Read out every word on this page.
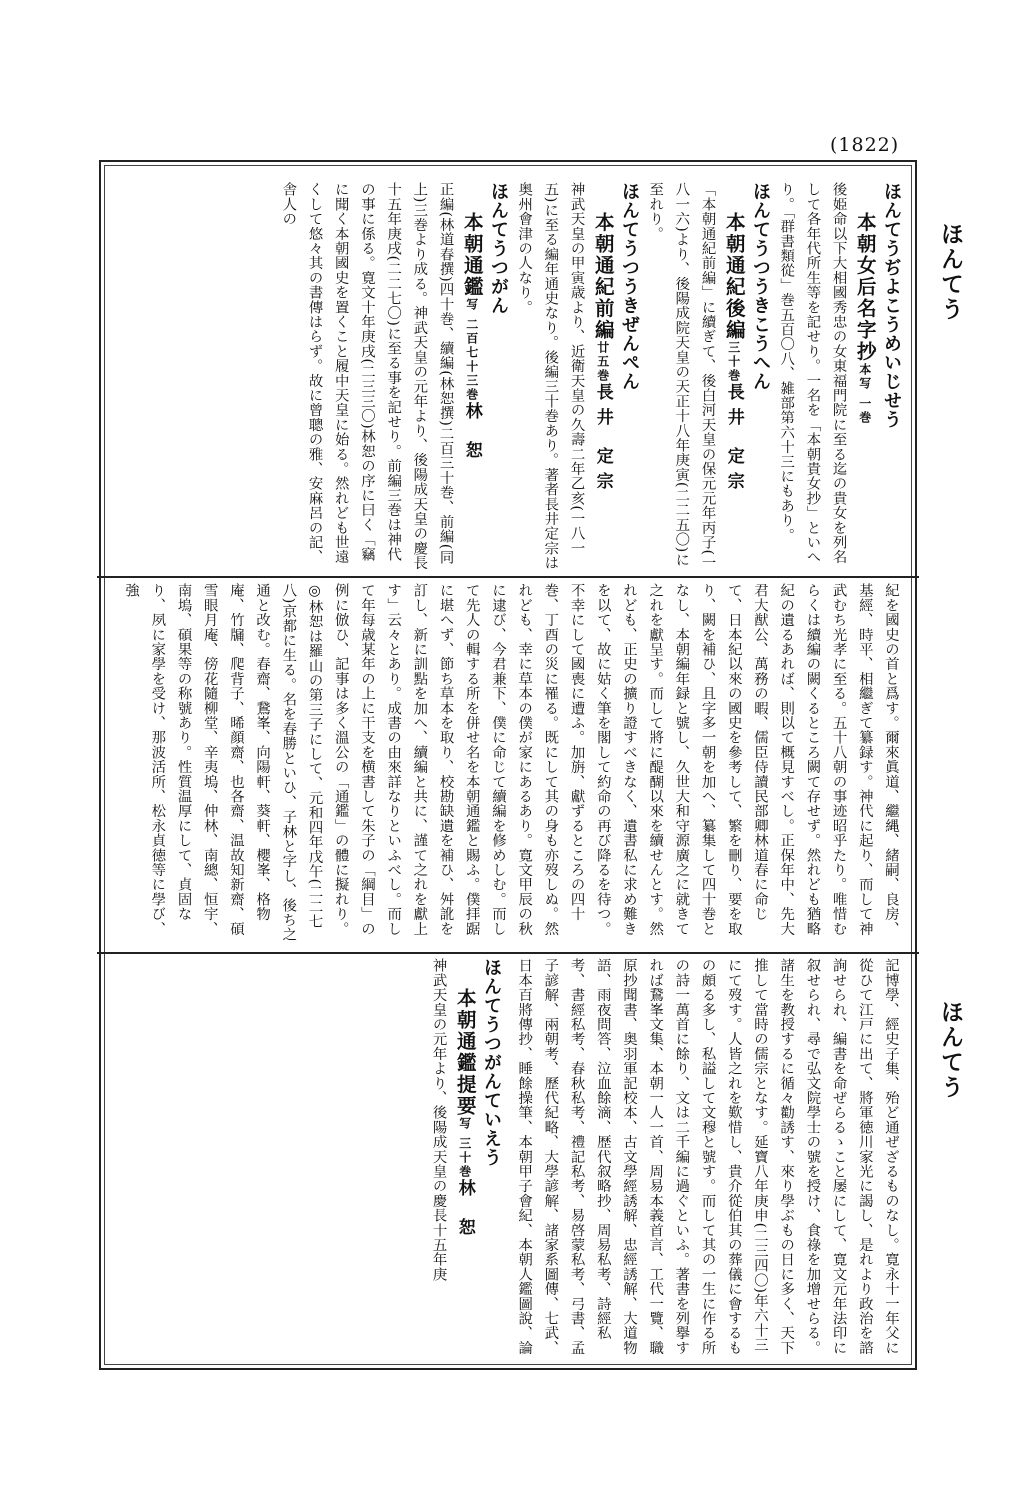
(1822)
ほんてう
ほんてう
ほんてうぢよこうめいじせう
本朝女后名字抄本写 一巻

後姫命以下大相國秀忠の女東福門院に至る迄の貴女を列名して各年代所生等を記せり。一名を「本朝貴女抄」といへり。「群書類從」巻五百〇八、雑部第六十三にもあり。

ほんてうつうきこうへん
本朝通紀後編三十巻長井 定宗

「本朝通紀前編」に續ぎて、後白河天皇の保元元年丙子(一八一六)より、後陽成院天皇の天正十八年庚寅(二二五〇)に至れり。

ほんてうつうきぜんぺん
本朝通紀前編廿五巻長井 定宗

神武天皇の甲寅歳より、近衛天皇の久壽二年乙亥(一八一五)に至る編年通史なり。後編三十巻あり。著者長井定宗は奥州會津の人なり。

ほんてうつがん
本朝通鑑写 二百七十三巻林 恕

正編(林道春撰)四十巻、續編(林恕撰)二百三十巻、前編(同上)三巻より成る。神武天皇の元年より、後陽成天皇の慶長十五年庚戌(二二七〇)に至る事を記せり。前編三巻は神代の事に係る。寛文十年庚戌(二三三〇)林恕の序に曰く「竊に聞く本朝國史を置くこと履中天皇に始る。然れども世遠くして悠々其の書傳はらず。故に曾聰の雅、安麻呂の記、舎人の

紀を國史の首と爲す。爾來眞道、繼縄、緒嗣、良房、基經、時平、相繼ぎて纂録す。神代に起り、而して神武むち光孝に至る。五十八朝の事迹昭乎たり。唯惜むらくは續編の闕くるところ闕て存せず。然れども猶略紀の遺るあれば、則以て概見すべし。正保年中、先大君大猷公、萬務の暇、儒臣侍讀民部卿林道春に命じて、日本紀以來の國史を參考して、繁を刪り、要を取り、闕を補ひ、且字多一朝を加へ、纂集して四十巻となし、本朝編年録と號し、久世大和守源廣之に就きて之れを獻呈す。而して將に醍醐以來を續せんとす。然れども、正史の擴り證すべきなく、遺書私に求め難きを以て、故に姑く筆を閣して約命の再び降るを待つ。不幸にして國喪に遭ふ。加旃、獻ずるところの四十巻、丁酉の災に罹る。既にして其の身も亦歿しぬ。然れども、幸に草本の僕が家にあるあり。寛文甲辰の秋に逮び、今君兼下、僕に命じて續編を修めしむ。而して先人の輯する所を併せ名を本朝通鑑と賜ふ。僕拝踞に堪へず、節ち草本を取り、校勘缺遺を補ひ、舛訛を訂し、新に訓點を加へ、續編と共に、謹て之れを獻上す」云々とあり。成書の由來詳なりといふべし。而して年每歳某年の上に干支を横書して朱子の「綱目」の例に倣ひ、記事は多く溫公の「通鑑」の體に擬れり。

◎林恕は羅山の第三子にして、元和四年戊午(二二七八)京都に生る。名を春勝といひ、子林と字し、後ち之通と改む。春齋、鵞峯、向陽軒、葵軒、櫻峯、格物庵、竹牖、爬背子、晞顔齋、也各齋、温故知新齋、碩雪眼月庵、傍花隨柳堂、辛夷塢、仲林、南總、恒宇、南塢、碩果等の称號あり。性質温厚にして、貞固なり、夙に家學を受け、那波活所、松永貞徳等に學び、強

記博學、經史子集、殆ど通ぜざるものなし。寛永十一年父に從ひて江戸に出て、將軍徳川家光に謁し、是れより政治を諮詢せられ、編書を命ぜらるゝこと屡にして、寛文元年法印に叙せられ、尋で弘文院學士の號を授け、食祿を加增せらる。諸生を教授するに循々勸誘す、來り學ぶもの日に多く、天下推して當時の儒宗となす。延寶八年庚申(二三四〇)年六十三にて歿す。人皆之れを歎惜し、貴介從伯其の葬儀に會するもの頗る多し、私謚して文穆と號す。而して其の一生に作る所の詩一萬首に餘り、文は二千編に過ぐといふ。著書を列擧すれば鵞峯文集、本朝一人一首、周易本義首言、工代一覽、職原抄聞書、奥羽軍記校本、古文學經誘解、忠經誘解、大道物語、雨夜問答、泣血餘滴、歴代叙略抄、周易私考、詩經私考、書經私考、春秋私考、禮記私考、易啓蒙私考、弓書、孟子諺解、兩朝考、歷代紀略、大學諺解、諸家系圖傳、七武、日本百將傳抄、睡餘操筆、本朝甲子會紀、本朝人鑑圖說、論

ほんてうつがんていえう
本朝通鑑提要写 三十巻林 恕

神武天皇の元年より、後陽成天皇の慶長十五年庚
